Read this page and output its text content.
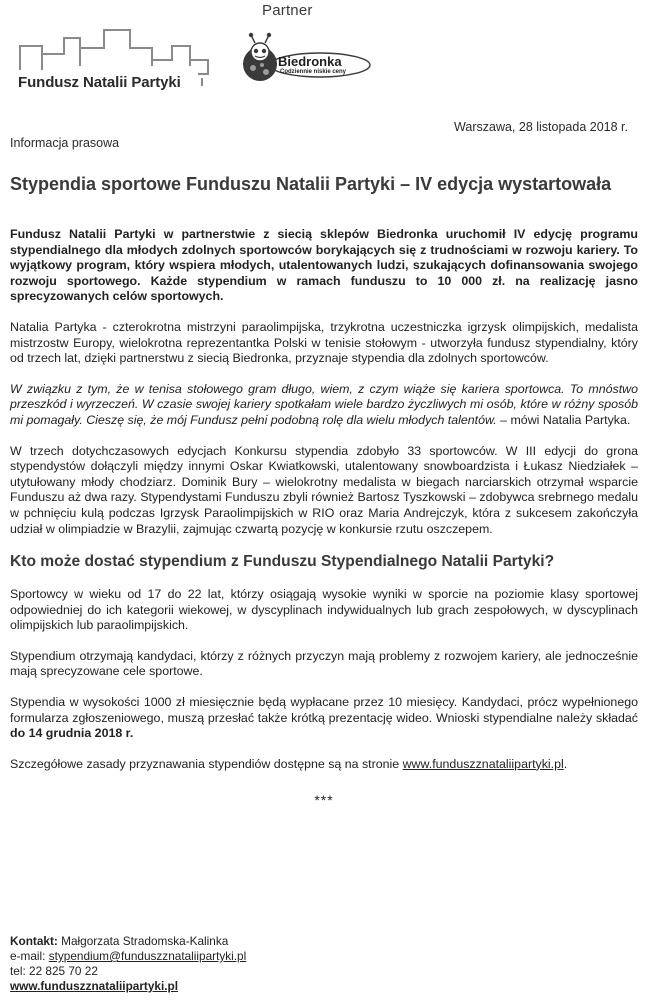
Partner
Fundusz Natalii Partyki
Biedronka
Codziennie niskie ceny
Warszawa, 28 listopada 2018 r.
Informacja prasowa
Stypendia sportowe Funduszu Natalii Partyki – IV edycja wystartowała

Fundusz Natalii Partyki w partnerstwie z siecią sklepów Biedronka uruchomił IV edycję programu stypendialnego dla młodych zdolnych sportowców borykających się z trudnościami w rozwoju kariery. To wyjątkowy program, który wspiera młodych, utalentowanych ludzi, szukających dofinansowania swojego rozwoju sportowego. Każde stypendium w ramach funduszu to 10 000 zł. na realizację jasno sprecyzowanych celów sportowych.

Natalia Partyka - czterokrotna mistrzyni paraolimpijska, trzykrotna uczestniczka igrzysk olimpijskich, medalista mistrzostw Europy, wielokrotna reprezentantka Polski w tenisie stołowym - utworzyła fundusz stypendialny, który od trzech lat, dzięki partnerstwu z siecią Biedronka, przyznaje stypendia dla zdolnych sportowców.

W związku z tym, że w tenisa stołowego gram długo, wiem, z czym wiąże się kariera sportowca. To mnóstwo przeszkód i wyrzeczeń. W czasie swojej kariery spotkałam wiele bardzo życzliwych mi osób, które w różny sposób mi pomagały. Cieszę się, że mój Fundusz pełni podobną rolę dla wielu młodych talentów. – mówi Natalia Partyka.

W trzech dotychczasowych edycjach Konkursu stypendia zdobyło 33 sportowców. W III edycji do grona stypendystów dołączyli między innymi Oskar Kwiatkowski, utalentowany snowboardzista i Łukasz Niedziałek – utytułowany młody chodziarz. Dominik Bury – wielokrotny medalista w biegach narciarskich otrzymał wsparcie Funduszu aż dwa razy. Stypendystami Funduszu zbyli również Bartosz Tyszkowski – zdobywca srebrnego medalu w pchnięciu kulą podczas Igrzysk Paraolimpijskich w RIO oraz Maria Andrejczyk, która z sukcesem zakończyła udział w olimpiadzie w Brazylii, zajmując czwartą pozycję w konkursie rzutu oszczepem.

Kto może dostać stypendium z Funduszu Stypendialnego Natalii Partyki?

Sportowcy w wieku od 17 do 22 lat, którzy osiągają wysokie wyniki w sporcie na poziomie klasy sportowej odpowiedniej do ich kategorii wiekowej, w dyscyplinach indywidualnych lub grach zespołowych, w dyscyplinach olimpijskich lub paraolimpijskich.

Stypendium otrzymają kandydaci, którzy z różnych przyczyn mają problemy z rozwojem kariery, ale jednocześnie mają sprecyzowane cele sportowe.

Stypendia w wysokości 1000 zł miesięcznie będą wypłacane przez 10 miesięcy. Kandydaci, prócz wypełnionego formularza zgłoszeniowego, muszą przesłać także krótką prezentację wideo. Wnioski stypendialne należy składać do 14 grudnia 2018 r.

Szczegółowe zasady przyznawania stypendiów dostępne są na stronie www.funduszznataliipartyki.pl.

***
Kontakt: Małgorzata Stradomska-Kalinka
e-mail: stypendium@funduszznataliipartyki.pl
tel: 22 825 70 22
www.funduszznataliipartyki.pl
